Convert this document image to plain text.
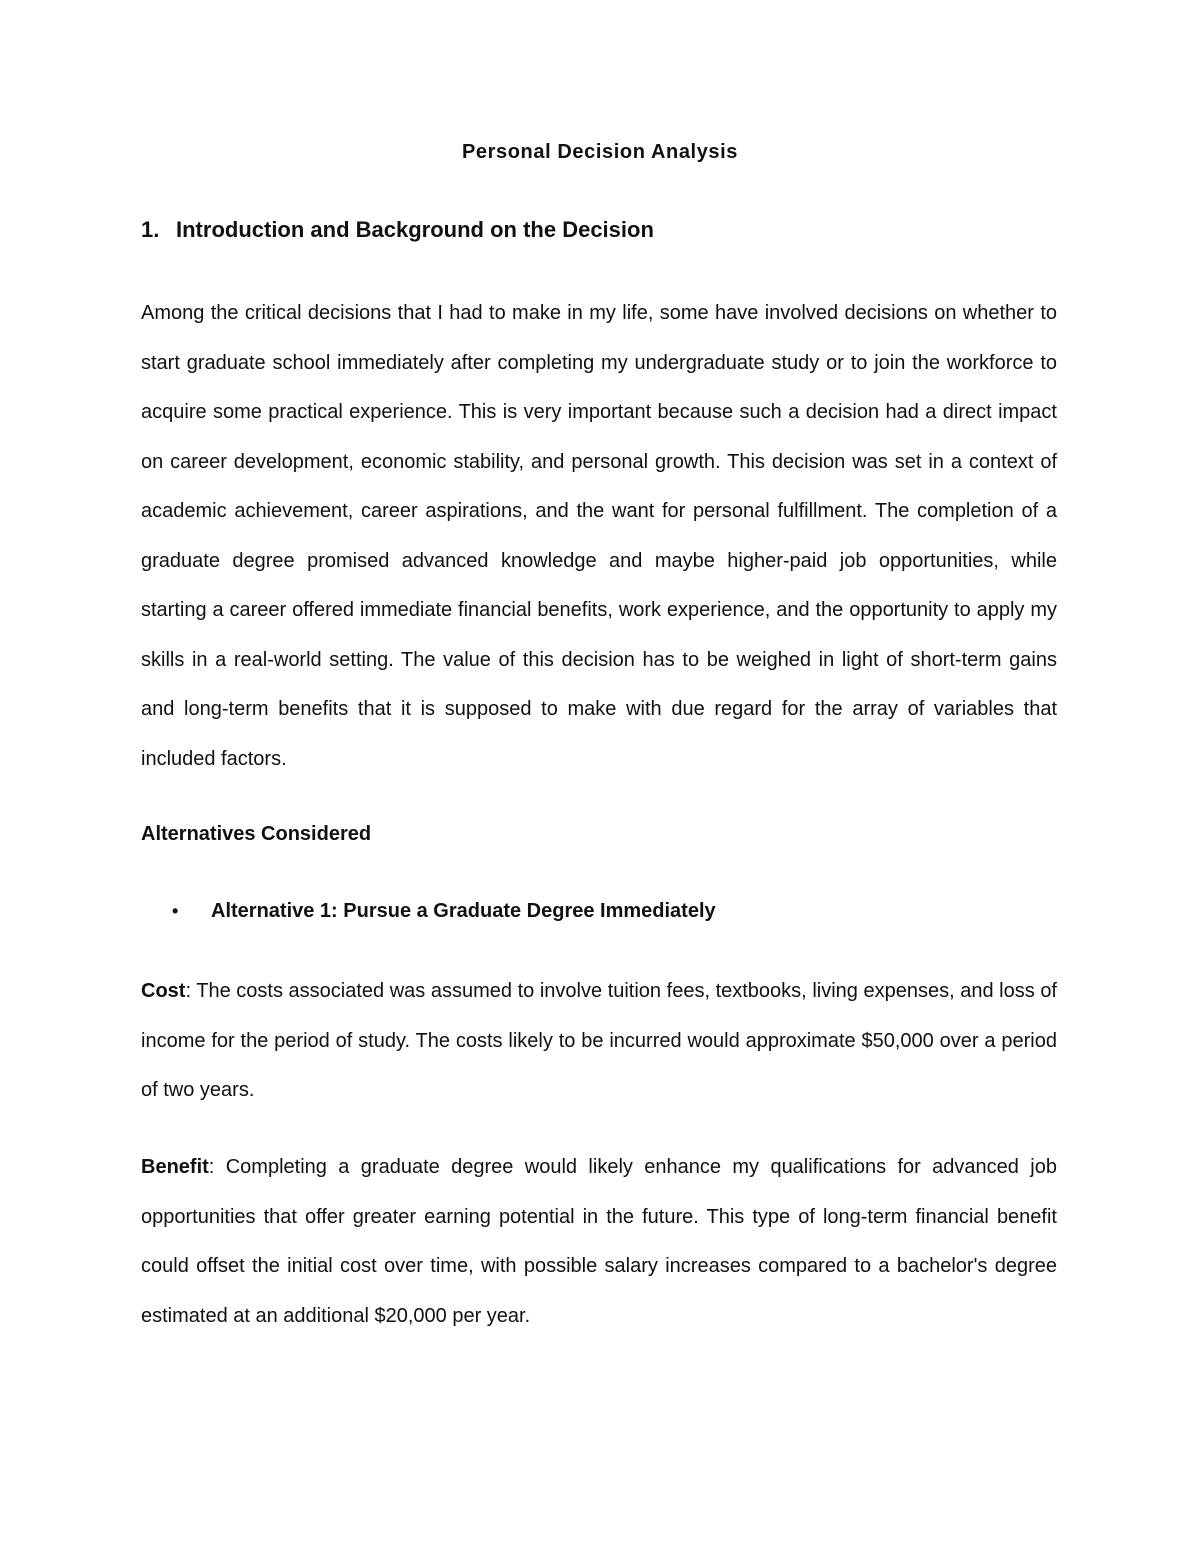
Personal Decision Analysis
1. Introduction and Background on the Decision

Among the critical decisions that I had to make in my life, some have involved decisions on whether to start graduate school immediately after completing my undergraduate study or to join the workforce to acquire some practical experience. This is very important because such a decision had a direct impact on career development, economic stability, and personal growth. This decision was set in a context of academic achievement, career aspirations, and the want for personal fulfillment. The completion of a graduate degree promised advanced knowledge and maybe higher-paid job opportunities, while starting a career offered immediate financial benefits, work experience, and the opportunity to apply my skills in a real-world setting. The value of this decision has to be weighed in light of short-term gains and long-term benefits that it is supposed to make with due regard for the array of variables that included factors.

Alternatives Considered
•	Alternative 1: Pursue a Graduate Degree Immediately

Cost: The costs associated was assumed to involve tuition fees, textbooks, living expenses, and loss of income for the period of study. The costs likely to be incurred would approximate $50,000 over a period of two years.

Benefit: Completing a graduate degree would likely enhance my qualifications for advanced job opportunities that offer greater earning potential in the future. This type of long-term financial benefit could offset the initial cost over time, with possible salary increases compared to a bachelor's degree estimated at an additional $20,000 per year.
